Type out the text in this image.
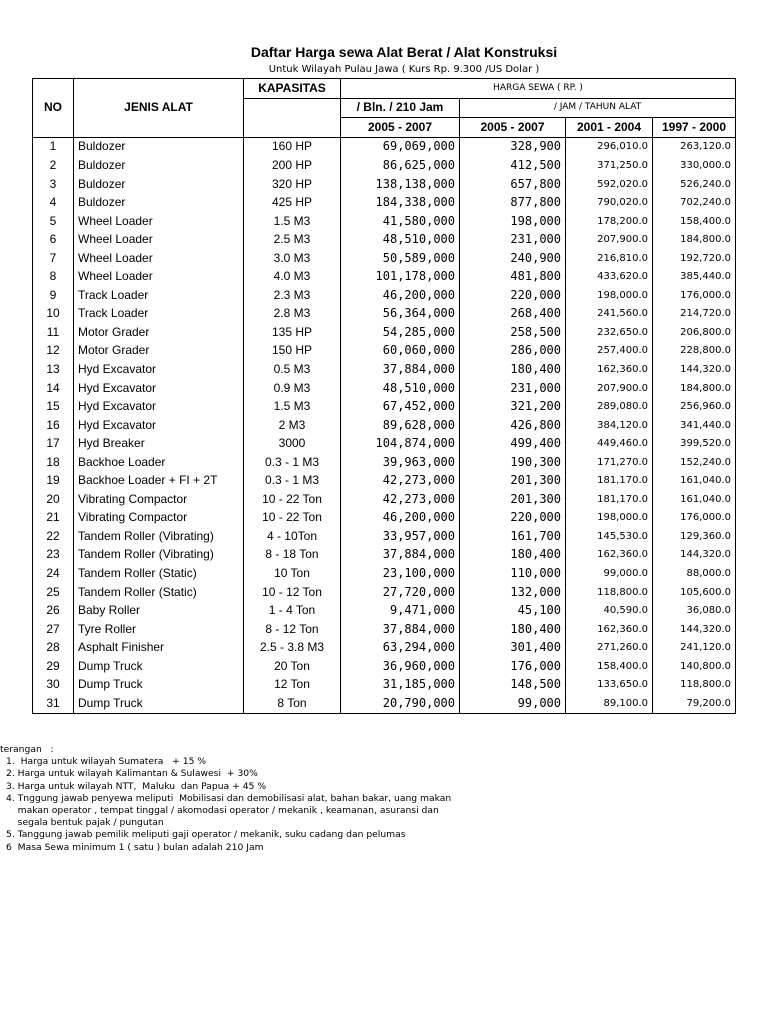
Daftar Harga sewa Alat Berat / Alat Konstruksi
Untuk Wilayah Pulau Jawa ( Kurs Rp. 9.300 /US Dolar )
NO	JENIS ALAT	KAPASITAS	HARGA SEWA ( RP. )			
			/ Bln. / 210 Jam	/ JAM / TAHUN ALAT		
			2005 - 2007	2005 - 2007	2001 - 2004	1997 - 2000
1	Buldozer	160 HP	69,069,000	328,900	296,010.0	263,120.0
2	Buldozer	200 HP	86,625,000	412,500	371,250.0	330,000.0
3	Buldozer	320 HP	138,138,000	657,800	592,020.0	526,240.0
4	Buldozer	425 HP	184,338,000	877,800	790,020.0	702,240.0
5	Wheel Loader	1.5 M3	41,580,000	198,000	178,200.0	158,400.0
6	Wheel Loader	2.5 M3	48,510,000	231,000	207,900.0	184,800.0
7	Wheel Loader	3.0 M3	50,589,000	240,900	216,810.0	192,720.0
8	Wheel Loader	4.0 M3	101,178,000	481,800	433,620.0	385,440.0
9	Track Loader	2.3 M3	46,200,000	220,000	198,000.0	176,000.0
10	Track Loader	2.8 M3	56,364,000	268,400	241,560.0	214,720.0
11	Motor Grader	135 HP	54,285,000	258,500	232,650.0	206,800.0
12	Motor Grader	150 HP	60,060,000	286,000	257,400.0	228,800.0
13	Hyd Excavator	0.5 M3	37,884,000	180,400	162,360.0	144,320.0
14	Hyd Excavator	0.9 M3	48,510,000	231,000	207,900.0	184,800.0
15	Hyd Excavator	1.5 M3	67,452,000	321,200	289,080.0	256,960.0
16	Hyd Excavator	2 M3	89,628,000	426,800	384,120.0	341,440.0
17	Hyd Breaker	3000	104,874,000	499,400	449,460.0	399,520.0
18	Backhoe Loader	0.3 - 1 M3	39,963,000	190,300	171,270.0	152,240.0
19	Backhoe Loader + FI + 2T	0.3 - 1 M3	42,273,000	201,300	181,170.0	161,040.0
20	Vibrating Compactor	10 - 22 Ton	42,273,000	201,300	181,170.0	161,040.0
21	Vibrating Compactor	10 - 22 Ton	46,200,000	220,000	198,000.0	176,000.0
22	Tandem Roller (Vibrating)	4 - 10Ton	33,957,000	161,700	145,530.0	129,360.0
23	Tandem Roller (Vibrating)	8 - 18 Ton	37,884,000	180,400	162,360.0	144,320.0
24	Tandem Roller (Static)	10 Ton	23,100,000	110,000	99,000.0	88,000.0
25	Tandem Roller (Static)	10 - 12 Ton	27,720,000	132,000	118,800.0	105,600.0
26	Baby Roller	1 - 4 Ton	9,471,000	45,100	40,590.0	36,080.0
27	Tyre Roller	8 - 12 Ton	37,884,000	180,400	162,360.0	144,320.0
28	Asphalt Finisher	2.5 - 3.8 M3	63,294,000	301,400	271,260.0	241,120.0
29	Dump Truck	20 Ton	36,960,000	176,000	158,400.0	140,800.0
30	Dump Truck	12 Ton	31,185,000	148,500	133,650.0	118,800.0
31	Dump Truck	8 Ton	20,790,000	99,000	89,100.0	79,200.0
terangan   :
1.  Harga untuk wilayah Sumatera   + 15 %
2. Harga untuk wilayah Kalimantan & Sulawesi  + 30%
3. Harga untuk wilayah NTT,  Maluku  dan Papua + 45 %
4. Tnggung jawab penyewa meliputi  Mobilisasi dan demobilisasi alat, bahan bakar, uang makan
makan operator , tempat tinggal / akomodasi operator / mekanik , keamanan, asuransi dan
segala bentuk pajak / pungutan
5. Tanggung jawab pemilik meliputi gaji operator / mekanik, suku cadang dan pelumas
6  Masa Sewa minimum 1 ( satu ) bulan adalah 210 Jam
